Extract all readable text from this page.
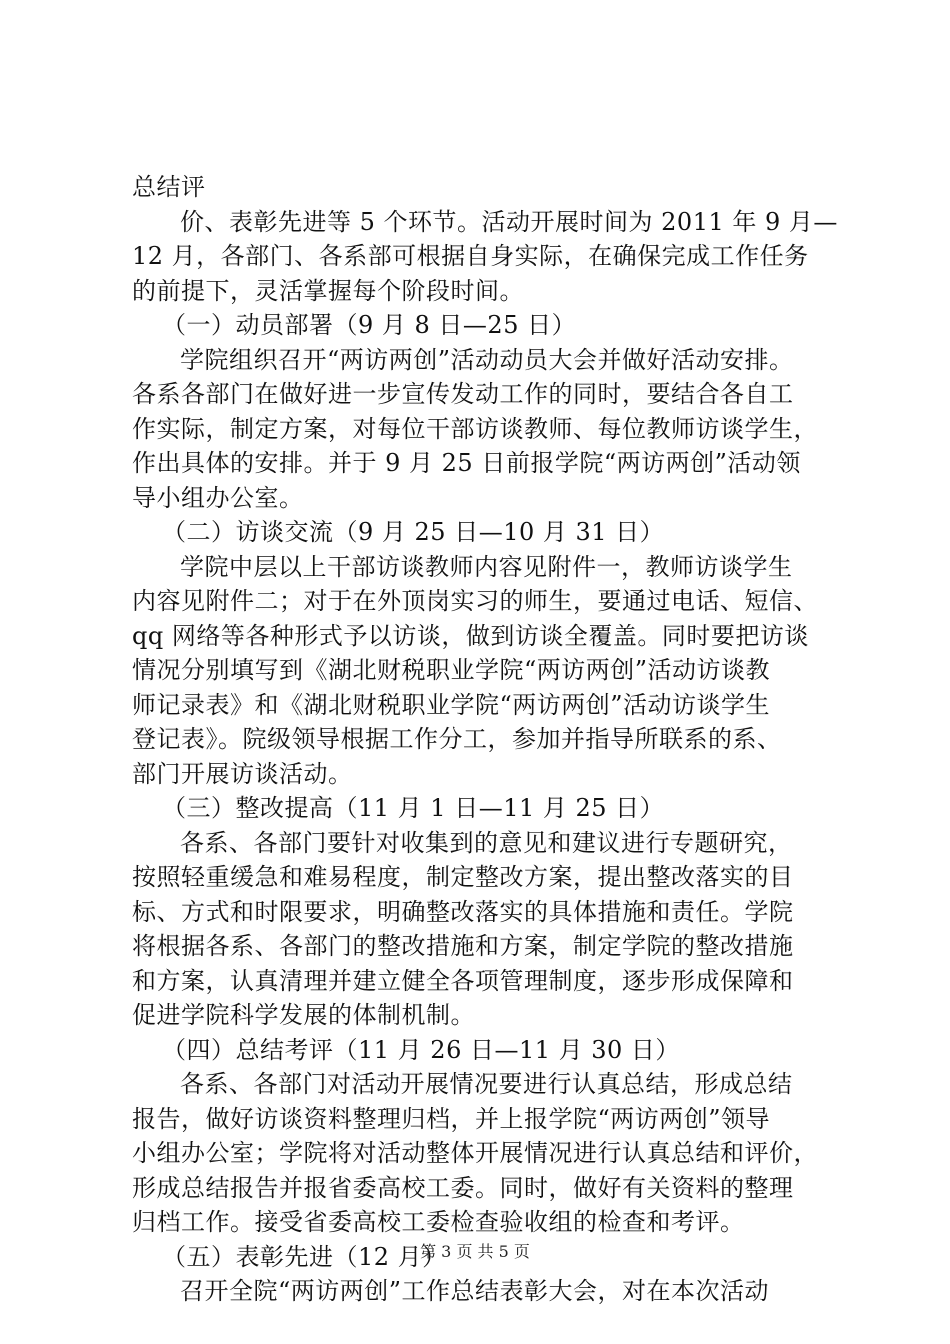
总结评
价、表彰先进等 5 个环节。活动开展时间为 2011 年 9 月—
12 月，各部门、各系部可根据自身实际，在确保完成工作任务
的前提下，灵活掌握每个阶段时间。
（一）动员部署（9 月 8 日—25 日）
学院组织召开“两访两创”活动动员大会并做好活动安排。
各系各部门在做好进一步宣传发动工作的同时，要结合各自工
作实际，制定方案，对每位干部访谈教师、每位教师访谈学生，
作出具体的安排。并于 9 月 25 日前报学院“两访两创”活动领
导小组办公室。
（二）访谈交流（9 月 25 日—10 月 31 日）
学院中层以上干部访谈教师内容见附件一，教师访谈学生
内容见附件二；对于在外顶岗实习的师生，要通过电话、短信、
qq 网络等各种形式予以访谈，做到访谈全覆盖。同时要把访谈
情况分别填写到《湖北财税职业学院“两访两创”活动访谈教
师记录表》和《湖北财税职业学院“两访两创”活动访谈学生
登记表》。院级领导根据工作分工，参加并指导所联系的系、
部门开展访谈活动。
（三）整改提高（11 月 1 日—11 月 25 日）
各系、各部门要针对收集到的意见和建议进行专题研究，
按照轻重缓急和难易程度，制定整改方案，提出整改落实的目
标、方式和时限要求，明确整改落实的具体措施和责任。学院
将根据各系、各部门的整改措施和方案，制定学院的整改措施
和方案，认真清理并建立健全各项管理制度，逐步形成保障和
促进学院科学发展的体制机制。
（四）总结考评（11 月 26 日—11 月 30 日）
各系、各部门对活动开展情况要进行认真总结，形成总结
报告，做好访谈资料整理归档，并上报学院“两访两创”领导
小组办公室；学院将对活动整体开展情况进行认真总结和评价，
形成总结报告并报省委高校工委。同时，做好有关资料的整理
归档工作。接受省委高校工委检查验收组的检查和考评。
（五）表彰先进（12 月）
召开全院“两访两创”工作总结表彰大会，对在本次活动
第 3 页 共 5 页
